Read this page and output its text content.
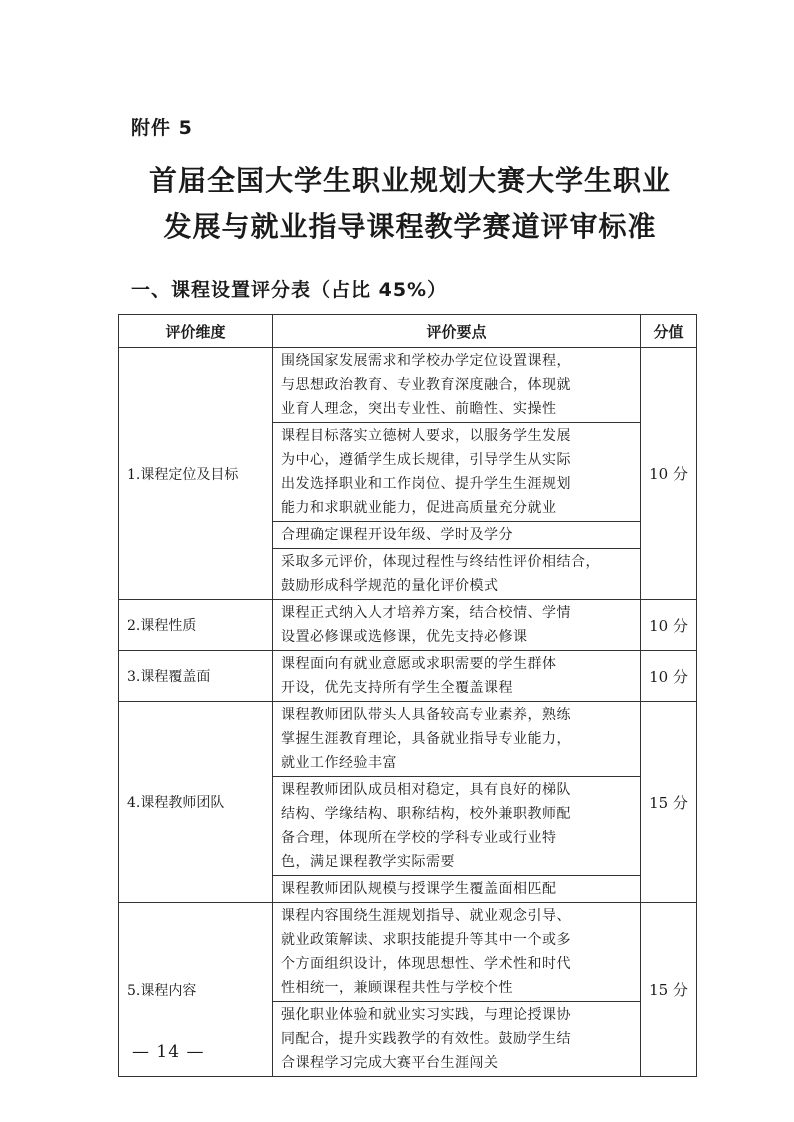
附件 5
首届全国大学生职业规划大赛大学生职业
发展与就业指导课程教学赛道评审标准
一、课程设置评分表（占比 45%）
评价维度	评价要点	分值
1.课程定位及目标	围绕国家发展需求和学校办学定位设置课程，
与思想政治教育、专业教育深度融合，体现就
业育人理念，突出专业性、前瞻性、实操性	10 分

	课程目标落实立德树人要求，以服务学生发展
为中心，遵循学生成长规律，引导学生从实际
出发选择职业和工作岗位、提升学生生涯规划
能力和求职就业能力，促进高质量充分就业	

	合理确定课程开设年级、学时及学分	

	采取多元评价，体现过程性与终结性评价相结合，
鼓励形成科学规范的量化评价模式	

2.课程性质	课程正式纳入人才培养方案，结合校情、学情
设置必修课或选修课，优先支持必修课	10 分
3.课程覆盖面	课程面向有就业意愿或求职需要的学生群体
开设，优先支持所有学生全覆盖课程	10 分
4.课程教师团队	课程教师团队带头人具备较高专业素养，熟练
掌握生涯教育理论，具备就业指导专业能力，
就业工作经验丰富	15 分

	课程教师团队成员相对稳定，具有良好的梯队
结构、学缘结构、职称结构，校外兼职教师配
备合理，体现所在学校的学科专业或行业特
色，满足课程教学实际需要	

	课程教师团队规模与授课学生覆盖面相匹配	

5.课程内容	课程内容围绕生涯规划指导、就业观念引导、
就业政策解读、求职技能提升等其中一个或多
个方面组织设计，体现思想性、学术性和时代
性相统一，兼顾课程共性与学校个性	15 分

	强化职业体验和就业实习实践，与理论授课协
同配合，提升实践教学的有效性。鼓励学生结
合课程学习完成大赛平台生涯闯关	
— 14 —
